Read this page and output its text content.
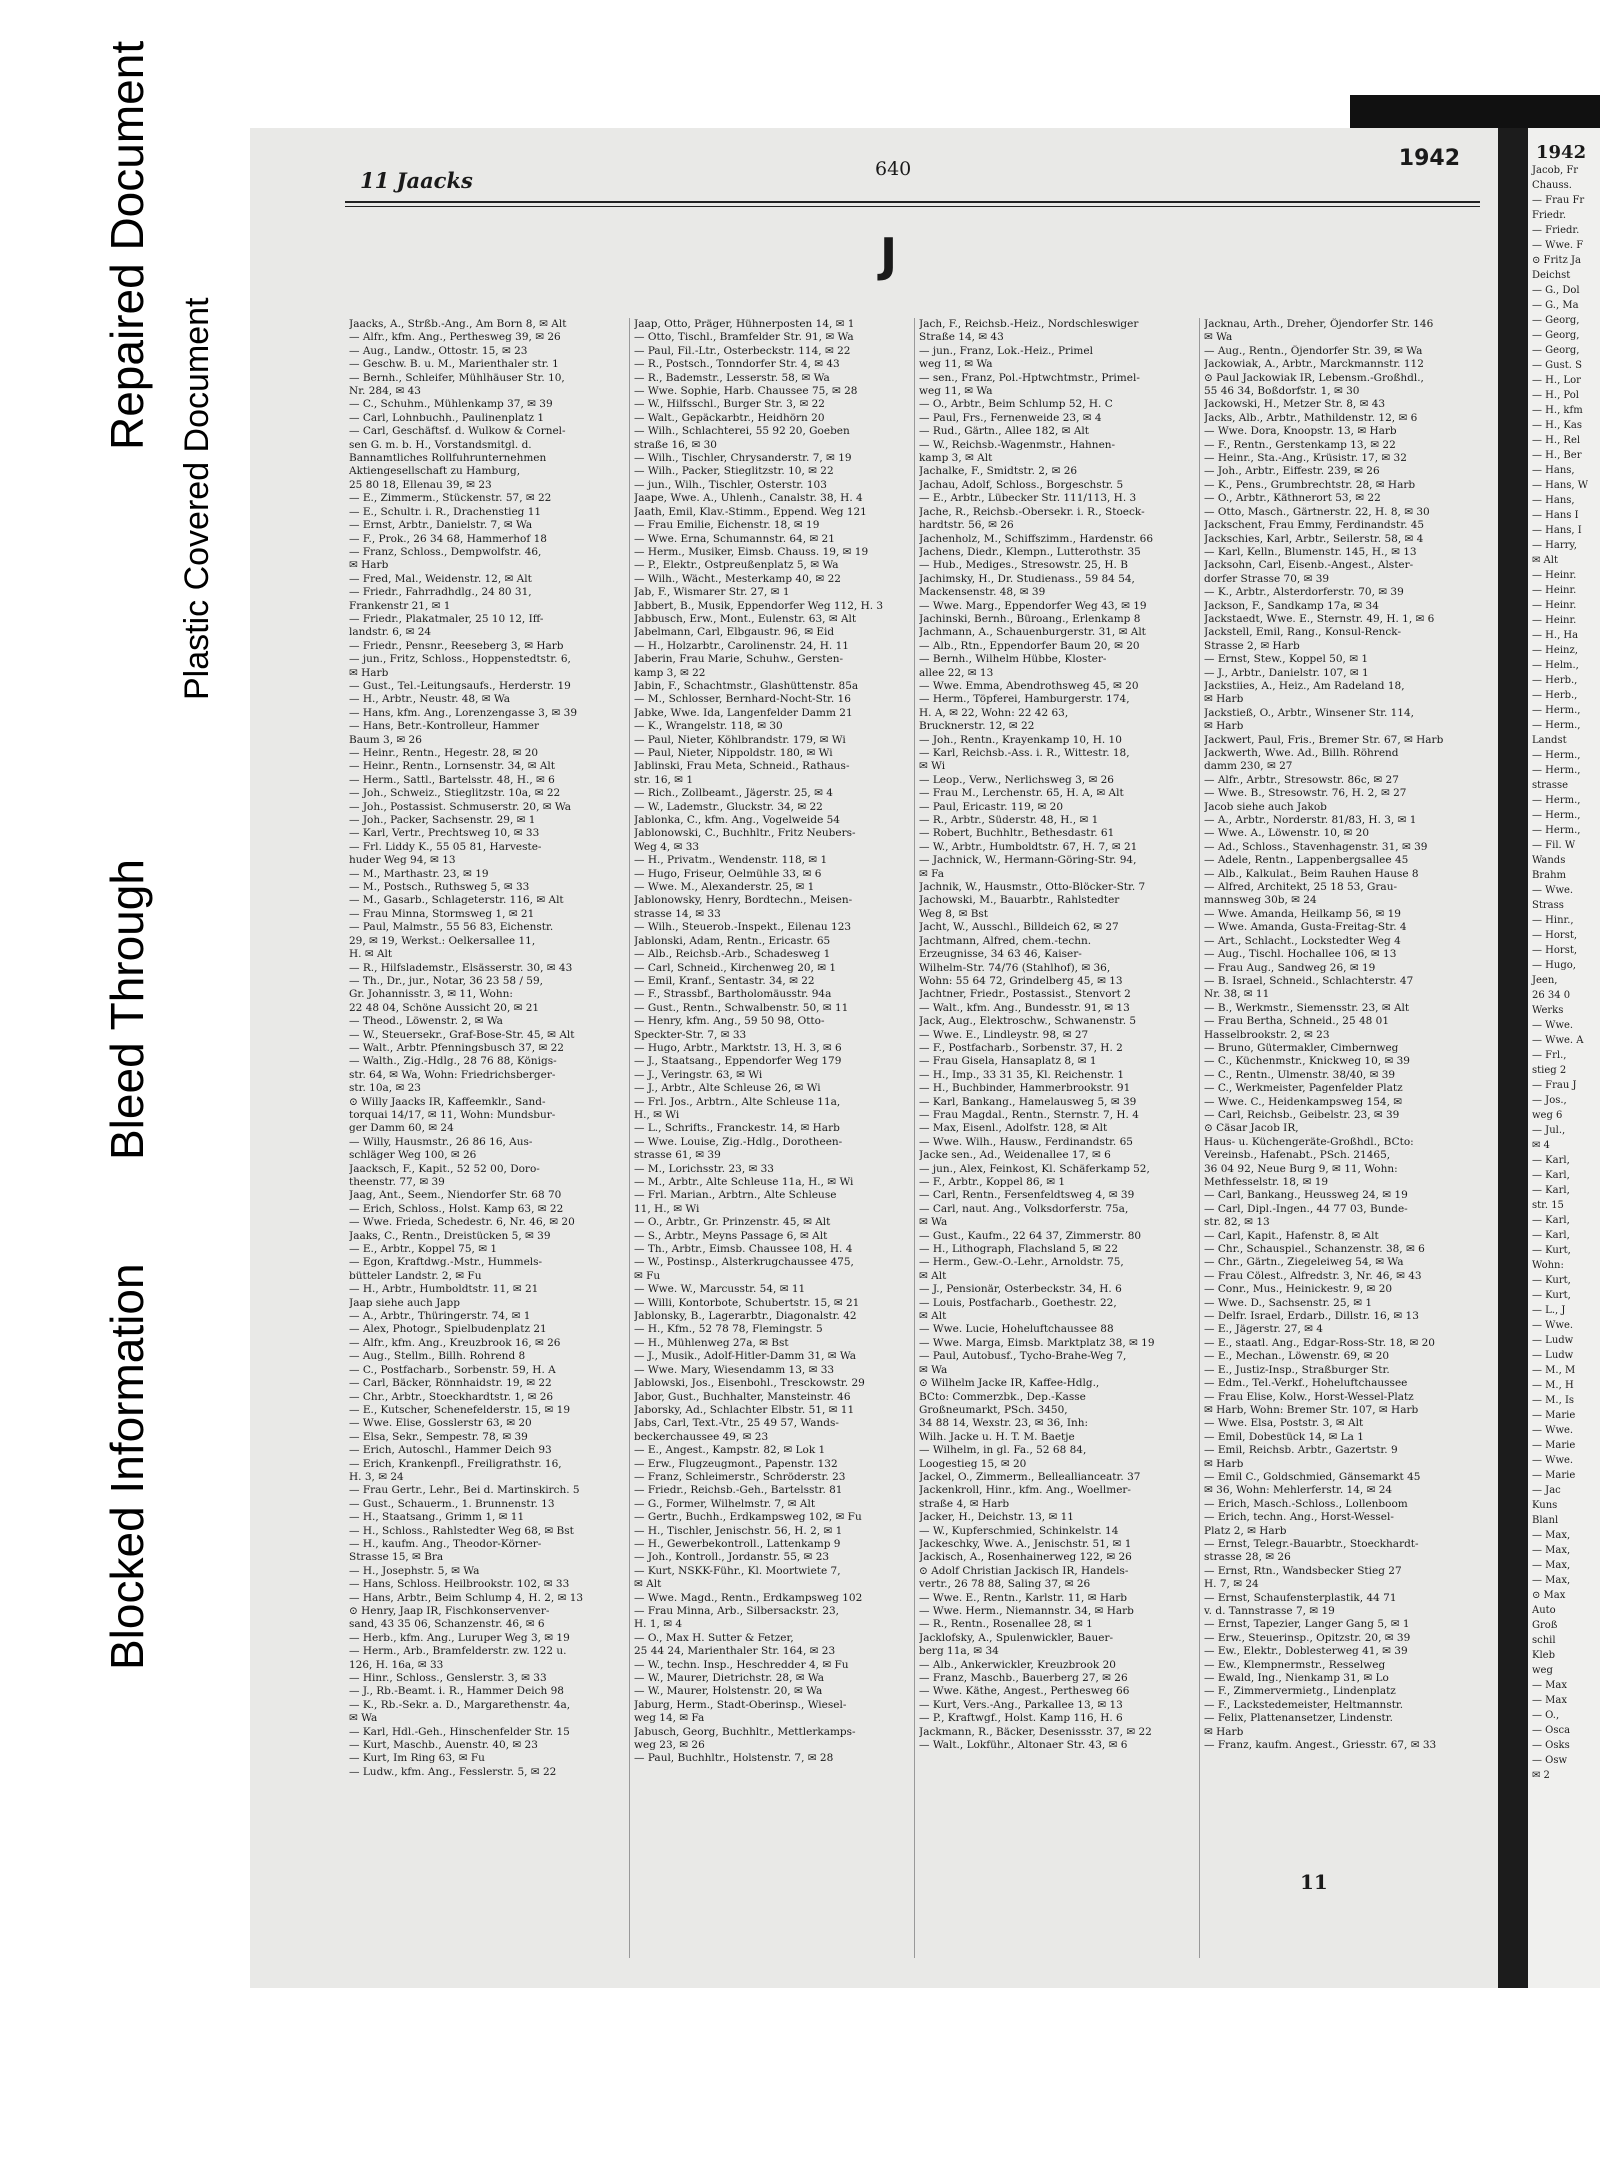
Blocked Information
Bleed Through
Repaired Document
Plastic Covered Document
11 Jaacks	640	1942
J
Jaacks, A., Strßb.-Ang., Am Born 8, ✉ Alt
— Alfr., kfm. Ang., Perthesweg 39, ✉ 26
— Aug., Landw., Ottostr. 15, ✉ 23
— Geschw. B. u. M., Marienthaler str. 1
— Bernh., Schleifer, Mühlhäuser Str. 10,
Nr. 284, ✉ 43
— C., Schuhm., Mühlenkamp 37, ✉ 39
— Carl, Lohnbuchh., Paulinenplatz 1
— Carl, Geschäftsf. d. Wulkow & Cornel-
sen G. m. b. H., Vorstandsmitgl. d.
Bannamtliches Rollfuhrunternehmen
Aktiengesellschaft zu Hamburg,
25 80 18, Ellenau 39, ✉ 23
— E., Zimmerm., Stückenstr. 57, ✉ 22
— E., Schultr. i. R., Drachenstieg 11
— Ernst, Arbtr., Danielstr. 7, ✉ Wa
— F., Prok., 26 34 68, Hammerhof 18
— Franz, Schloss., Dempwolfstr. 46,
✉ Harb
— Fred, Mal., Weidenstr. 12, ✉ Alt
— Friedr., Fahrradhdlg., 24 80 31,
Frankenstr 21, ✉ 1
— Friedr., Plakatmaler, 25 10 12, Iff-
landstr. 6, ✉ 24
— Friedr., Pensnr., Reeseberg 3, ✉ Harb
— jun., Fritz, Schloss., Hoppenstedtstr. 6,
✉ Harb
— Gust., Tel.-Leitungsaufs., Herderstr. 19
— H., Arbtr., Neustr. 48, ✉ Wa
— Hans, kfm. Ang., Lorenzengasse 3, ✉ 39
— Hans, Betr.-Kontrolleur, Hammer
Baum 3, ✉ 26
— Heinr., Rentn., Hegestr. 28, ✉ 20
— Heinr., Rentn., Lornsenstr. 34, ✉ Alt
— Herm., Sattl., Bartelsstr. 48, H., ✉ 6
— Joh., Schweiz., Stieglitzstr. 10a, ✉ 22
— Joh., Postassist. Schmuserstr. 20, ✉ Wa
— Joh., Packer, Sachsenstr. 29, ✉ 1
— Karl, Vertr., Prechtsweg 10, ✉ 33
— Frl. Liddy K., 55 05 81, Harveste-
huder Weg 94, ✉ 13
— M., Marthastr. 23, ✉ 19
— M., Postsch., Ruthsweg 5, ✉ 33
— M., Gasarb., Schlageterstr. 116, ✉ Alt
— Frau Minna, Stormsweg 1, ✉ 21
— Paul, Malmstr., 55 56 83, Eichenstr.
29, ✉ 19, Werkst.: Oelkersallee 11,
H. ✉ Alt
— R., Hilfslademstr., Elsässerstr. 30, ✉ 43
— Th., Dr., jur., Notar, 36 23 58 / 59,
Gr. Johannisstr. 3, ✉ 11, Wohn:
22 48 04, Schöne Aussicht 20, ✉ 21
— Theod., Löwenstr. 2, ✉ Wa
— W., Steuersekr., Graf-Bose-Str. 45, ✉ Alt
— Walt., Arbtr. Pfenningsbusch 37, ✉ 22
— Walth., Zig.-Hdlg., 28 76 88, Königs-
str. 64, ✉ Wa, Wohn: Friedrichsberger-
str. 10a, ✉ 23
⊙ Willy Jaacks IR, Kaffeemklr., Sand-
torquai 14/17, ✉ 11, Wohn: Mundsbur-
ger Damm 60, ✉ 24
— Willy, Hausmstr., 26 86 16, Aus-
schläger Weg 100, ✉ 26
Jaacksch, F., Kapit., 52 52 00, Doro-
theenstr. 77, ✉ 39
Jaag, Ant., Seem., Niendorfer Str. 68 70
— Erich, Schloss., Holst. Kamp 63, ✉ 22
— Wwe. Frieda, Schedestr. 6, Nr. 46, ✉ 20
Jaaks, C., Rentn., Dreistücken 5, ✉ 39
— E., Arbtr., Koppel 75, ✉ 1
— Egon, Kraftdwg.-Mstr., Hummels-
bütteler Landstr. 2, ✉ Fu
— H., Arbtr., Humboldtstr. 11, ✉ 21
Jaap siehe auch Japp
— A., Arbtr., Thüringerstr. 74, ✉ 1
— Alex, Photogr., Spielbudenplatz 21
— Alfr., kfm. Ang., Kreuzbrook 16, ✉ 26
— Aug., Stellm., Billh. Rohrend 8
— C., Postfacharb., Sorbenstr. 59, H. A
— Carl, Bäcker, Rönnhaidstr. 19, ✉ 22
— Chr., Arbtr., Stoeckhardtstr. 1, ✉ 26
— E., Kutscher, Schenefelderstr. 15, ✉ 19
— Wwe. Elise, Gosslerstr 63, ✉ 20
— Elsa, Sekr., Sempestr. 78, ✉ 39
— Erich, Autoschl., Hammer Deich 93
— Erich, Krankenpfl., Freiligrathstr. 16,
H. 3, ✉ 24
— Frau Gertr., Lehr., Bei d. Martinskirch. 5
— Gust., Schauerm., 1. Brunnenstr. 13
— H., Staatsang., Grimm 1, ✉ 11
— H., Schloss., Rahlstedter Weg 68, ✉ Bst
— H., kaufm. Ang., Theodor-Körner-
Strasse 15, ✉ Bra
— H., Josephstr. 5, ✉ Wa
— Hans, Schloss. Heilbrookstr. 102, ✉ 33
— Hans, Arbtr., Beim Schlump 4, H. 2, ✉ 13
⊙ Henry, Jaap IR, Fischkonservenver-
sand, 43 35 06, Schanzenstr. 46, ✉ 6
— Herb., kfm. Ang., Luruper Weg 3, ✉ 19
— Herm., Arb., Bramfelderstr. zw. 122 u.
126, H. 16a, ✉ 33
— Hinr., Schloss., Genslerstr. 3, ✉ 33
— J., Rb.-Beamt. i. R., Hammer Deich 98
— K., Rb.-Sekr. a. D., Margarethenstr. 4a,
✉ Wa
— Karl, Hdl.-Geh., Hinschenfelder Str. 15
— Kurt, Maschb., Auenstr. 40, ✉ 23
— Kurt, Im Ring 63, ✉ Fu
— Ludw., kfm. Ang., Fesslerstr. 5, ✉ 22
Jaap, Otto, Präger, Hühnerposten 14, ✉ 1
— Otto, Tischl., Bramfelder Str. 91, ✉ Wa
— Paul, Fil.-Ltr., Osterbeckstr. 114, ✉ 22
— R., Postsch., Tonndorfer Str. 4, ✉ 43
— R., Bademstr., Lesserstr. 58, ✉ Wa
— Wwe. Sophie, Harb. Chaussee 75, ✉ 28
— W., Hilfsschl., Burger Str. 3, ✉ 22
— Walt., Gepäckarbtr., Heidhörn 20
— Wilh., Schlachterei, 55 92 20, Goeben
straße 16, ✉ 30
— Wilh., Tischler, Chrysanderstr. 7, ✉ 19
— Wilh., Packer, Stieglitzstr. 10, ✉ 22
— jun., Wilh., Tischler, Osterstr. 103
Jaape, Wwe. A., Uhlenh., Canalstr. 38, H. 4
Jaath, Emil, Klav.-Stimm., Eppend. Weg 121
— Frau Emilie, Eichenstr. 18, ✉ 19
— Wwe. Erna, Schumannstr. 64, ✉ 21
— Herm., Musiker, Eimsb. Chauss. 19, ✉ 19
— P., Elektr., Ostpreußenplatz 5, ✉ Wa
— Wilh., Wächt., Mesterkamp 40, ✉ 22
Jab, F., Wismarer Str. 27, ✉ 1
Jabbert, B., Musik, Eppendorfer Weg 112, H. 3
Jabbusch, Erw., Mont., Eulenstr. 63, ✉ Alt
Jabelmann, Carl, Elbgaustr. 96, ✉ Eid
— H., Holzarbtr., Carolinenstr. 24, H. 11
Jaberin, Frau Marie, Schuhw., Gersten-
kamp 3, ✉ 22
Jabin, F., Schachtmstr., Glashüttenstr. 85a
— M., Schlosser, Bernhard-Nocht-Str. 16
Jabke, Wwe. Ida, Langenfelder Damm 21
— K., Wrangelstr. 118, ✉ 30
— Paul, Nieter, Köhlbrandstr. 179, ✉ Wi
— Paul, Nieter, Nippoldstr. 180, ✉ Wi
Jablinski, Frau Meta, Schneid., Rathaus-
str. 16, ✉ 1
— Rich., Zollbeamt., Jägerstr. 25, ✉ 4
— W., Lademstr., Gluckstr. 34, ✉ 22
Jablonka, C., kfm. Ang., Vogelweide 54
Jablonowski, C., Buchhltr., Fritz Neubers-
Weg 4, ✉ 33
— H., Privatm., Wendenstr. 118, ✉ 1
— Hugo, Friseur, Oelmühle 33, ✉ 6
— Wwe. M., Alexanderstr. 25, ✉ 1
Jablonowsky, Henry, Bordtechn., Meisen-
strasse 14, ✉ 33
— Wilh., Steuerob.-Inspekt., Eilenau 123
Jablonski, Adam, Rentn., Ericastr. 65
— Alb., Reichsb.-Arb., Schadesweg 1
— Carl, Schneid., Kirchenweg 20, ✉ 1
— Emil, Kranf., Sentastr. 34, ✉ 22
— F., Strassbf., Bartholomäusstr. 94a
— Gust., Rentn., Schwalbenstr. 50, ✉ 11
— Henry, kfm. Ang., 59 50 98, Otto-
Speckter-Str. 7, ✉ 33
— Hugo, Arbtr., Marktstr. 13, H. 3, ✉ 6
— J., Staatsang., Eppendorfer Weg 179
— J., Veringstr. 63, ✉ Wi
— J., Arbtr., Alte Schleuse 26, ✉ Wi
— Frl. Jos., Arbtrn., Alte Schleuse 11a,
H., ✉ Wi
— L., Schrifts., Franckestr. 14, ✉ Harb
— Wwe. Louise, Zig.-Hdlg., Dorotheen-
strasse 61, ✉ 39
— M., Lorichsstr. 23, ✉ 33
— M., Arbtr., Alte Schleuse 11a, H., ✉ Wi
— Frl. Marian., Arbtrn., Alte Schleuse
11, H., ✉ Wi
— O., Arbtr., Gr. Prinzenstr. 45, ✉ Alt
— S., Arbtr., Meyns Passage 6, ✉ Alt
— Th., Arbtr., Eimsb. Chaussee 108, H. 4
— W., Postinsp., Alsterkrugchaussee 475,
✉ Fu
— Wwe. W., Marcusstr. 54, ✉ 11
— Willi, Kontorbote, Schubertstr. 15, ✉ 21
Jablonsky, B., Lagerarbtr., Diagonalstr. 42
— H., Kfm., 52 78 78, Flemingstr. 5
— H., Mühlenweg 27a, ✉ Bst
— J., Musik., Adolf-Hitler-Damm 31, ✉ Wa
— Wwe. Mary, Wiesendamm 13, ✉ 33
Jablowski, Jos., Eisenbohl., Tresckowstr. 29
Jabor, Gust., Buchhalter, Mansteinstr. 46
Jaborsky, Ad., Schlachter Elbstr. 51, ✉ 11
Jabs, Carl, Text.-Vtr., 25 49 57, Wands-
beckerchaussee 49, ✉ 23
— E., Angest., Kampstr. 82, ✉ Lok 1
— Erw., Flugzeugmont., Papenstr. 132
— Franz, Schleimerstr., Schröderstr. 23
— Friedr., Reichsb.-Geh., Bartelsstr. 81
— G., Former, Wilhelmstr. 7, ✉ Alt
— Gertr., Buchh., Erdkampsweg 102, ✉ Fu
— H., Tischler, Jenischstr. 56, H. 2, ✉ 1
— H., Gewerbekontroll., Lattenkamp 9
— Joh., Kontroll., Jordanstr. 55, ✉ 23
— Kurt, NSKK-Führ., Kl. Moortwiete 7,
✉ Alt
— Wwe. Magd., Rentn., Erdkampsweg 102
— Frau Minna, Arb., Silbersackstr. 23,
H. 1, ✉ 4
— O., Max H. Sutter & Fetzer,
25 44 24, Marienthaler Str. 164, ✉ 23
— W., techn. Insp., Heschredder 4, ✉ Fu
— W., Maurer, Dietrichstr. 28, ✉ Wa
— W., Maurer, Holstenstr. 20, ✉ Wa
Jaburg, Herm., Stadt-Oberinsp., Wiesel-
weg 14, ✉ Fa
Jabusch, Georg, Buchhltr., Mettlerkamps-
weg 23, ✉ 26
— Paul, Buchhltr., Holstenstr. 7, ✉ 28
Jach, F., Reichsb.-Heiz., Nordschleswiger
Straße 14, ✉ 43
— jun., Franz, Lok.-Heiz., Primel
weg 11, ✉ Wa
— sen., Franz, Pol.-Hptwchtmstr., Primel-
weg 11, ✉ Wa
— O., Arbtr., Beim Schlump 52, H. C
— Paul, Frs., Fernenweide 23, ✉ 4
— Rud., Gärtn., Allee 182, ✉ Alt
— W., Reichsb.-Wagenmstr., Hahnen-
kamp 3, ✉ Alt
Jachalke, F., Smidtstr. 2, ✉ 26
Jachau, Adolf, Schloss., Borgeschstr. 5
— E., Arbtr., Lübecker Str. 111/113, H. 3
Jache, R., Reichsb.-Obersekr. i. R., Stoeck-
hardtstr. 56, ✉ 26
Jachenholz, M., Schiffszimm., Hardenstr. 66
Jachens, Diedr., Klempn., Lutterothstr. 35
— Hub., Mediges., Stresowstr. 25, H. B
Jachimsky, H., Dr. Studienass., 59 84 54,
Mackensenstr. 48, ✉ 39
— Wwe. Marg., Eppendorfer Weg 43, ✉ 19
Jachinski, Bernh., Büroang., Erlenkamp 8
Jachmann, A., Schauenburgerstr. 31, ✉ Alt
— Alb., Rtn., Eppendorfer Baum 20, ✉ 20
— Bernh., Wilhelm Hübbe, Kloster-
allee 22, ✉ 13
— Wwe. Emma, Abendrothsweg 45, ✉ 20
— Herm., Töpferei, Hamburgerstr. 174,
H. A, ✉ 22, Wohn: 22 42 63,
Brucknerstr. 12, ✉ 22
— Joh., Rentn., Krayenkamp 10, H. 10
— Karl, Reichsb.-Ass. i. R., Wittestr. 18,
✉ Wi
— Leop., Verw., Nerlichsweg 3, ✉ 26
— Frau M., Lerchenstr. 65, H. A, ✉ Alt
— Paul, Ericastr. 119, ✉ 20
— R., Arbtr., Süderstr. 48, H., ✉ 1
— Robert, Buchhltr., Bethesdastr. 61
— W., Arbtr., Humboldtstr. 67, H. 7, ✉ 21
— Jachnick, W., Hermann-Göring-Str. 94,
✉ Fa
Jachnik, W., Hausmstr., Otto-Blöcker-Str. 7
Jachowski, M., Bauarbtr., Rahlstedter
Weg 8, ✉ Bst
Jacht, W., Ausschl., Billdeich 62, ✉ 27
Jachtmann, Alfred, chem.-techn.
Erzeugnisse, 34 63 46, Kaiser-
Wilhelm-Str. 74/76 (Stahlhof), ✉ 36,
Wohn: 55 64 72, Grindelberg 45, ✉ 13
Jachtner, Friedr., Postassist., Stenvort 2
— Walt., kfm. Ang., Bundesstr. 91, ✉ 13
Jack, Aug., Elektroschw., Schwanenstr. 5
— Wwe. E., Lindleystr. 98, ✉ 27
— F., Postfacharb., Sorbenstr. 37, H. 2
— Frau Gisela, Hansaplatz 8, ✉ 1
— H., Imp., 33 31 35, Kl. Reichenstr. 1
— H., Buchbinder, Hammerbrookstr. 91
— Karl, Bankang., Hamelausweg 5, ✉ 39
— Frau Magdal., Rentn., Sternstr. 7, H. 4
— Max, Eisenl., Adolfstr. 128, ✉ Alt
— Wwe. Wilh., Hausw., Ferdinandstr. 65
Jacke sen., Ad., Weidenallee 17, ✉ 6
— jun., Alex, Feinkost, Kl. Schäferkamp 52,
— F., Arbtr., Koppel 86, ✉ 1
— Carl, Rentn., Fersenfeldtsweg 4, ✉ 39
— Carl, naut. Ang., Volksdorferstr. 75a,
✉ Wa
— Gust., Kaufm., 22 64 37, Zimmerstr. 80
— H., Lithograph, Flachsland 5, ✉ 22
— Herm., Gew.-O.-Lehr., Arnoldstr. 75,
✉ Alt
— J., Pensionär, Osterbeckstr. 34, H. 6
— Louis, Postfacharb., Goethestr. 22,
✉ Alt
— Wwe. Lucie, Hoheluftchaussee 88
— Wwe. Marga, Eimsb. Marktplatz 38, ✉ 19
— Paul, Autobusf., Tycho-Brahe-Weg 7,
✉ Wa
⊙ Wilhelm Jacke IR, Kaffee-Hdlg.,
BCto: Commerzbk., Dep.-Kasse
Großneumarkt, PSch. 3450,
34 88 14, Wexstr. 23, ✉ 36, Inh:
Wilh. Jacke u. H. T. M. Baetje
— Wilhelm, in gl. Fa., 52 68 84,
Loogestieg 15, ✉ 20
Jackel, O., Zimmerm., Belleallianceatr. 37
Jackenkroll, Hinr., kfm. Ang., Woellmer-
straße 4, ✉ Harb
Jacker, H., Deichstr. 13, ✉ 11
— W., Kupferschmied, Schinkelstr. 14
Jackeschky, Wwe. A., Jenischstr. 51, ✉ 1
Jackisch, A., Rosenhainerweg 122, ✉ 26
⊙ Adolf Christian Jackisch IR, Handels-
vertr., 26 78 88, Saling 37, ✉ 26
— Wwe. E., Rentn., Karlstr. 11, ✉ Harb
— Wwe. Herm., Niemannstr. 34, ✉ Harb
— R., Rentn., Rosenallee 28, ✉ 1
Jacklofsky, A., Spulenwickler, Bauer-
berg 11a, ✉ 34
— Alb., Ankerwickler, Kreuzbrook 20
— Franz, Maschb., Bauerberg 27, ✉ 26
— Wwe. Käthe, Angest., Perthesweg 66
— Kurt, Vers.-Ang., Parkallee 13, ✉ 13
— P., Kraftwgf., Holst. Kamp 116, H. 6
Jackmann, R., Bäcker, Desenissstr. 37, ✉ 22
— Walt., Lokführ., Altonaer Str. 43, ✉ 6
Jacknau, Arth., Dreher, Öjendorfer Str. 146
✉ Wa
— Aug., Rentn., Öjendorfer Str. 39, ✉ Wa
Jackowiak, A., Arbtr., Marckmannstr. 112
⊙ Paul Jackowiak IR, Lebensm.-Großhdl.,
55 46 34, Boßdorfstr. 1, ✉ 30
Jackowski, H., Metzer Str. 8, ✉ 43
Jacks, Alb., Arbtr., Mathildenstr. 12, ✉ 6
— Wwe. Dora, Knoopstr. 13, ✉ Harb
— F., Rentn., Gerstenkamp 13, ✉ 22
— Heinr., Sta.-Ang., Krüsistr. 17, ✉ 32
— Joh., Arbtr., Eiffestr. 239, ✉ 26
— K., Pens., Grumbrechtstr. 28, ✉ Harb
— O., Arbtr., Käthnerort 53, ✉ 22
— Otto, Masch., Gärtnerstr. 22, H. 8, ✉ 30
Jackschent, Frau Emmy, Ferdinandstr. 45
Jackschies, Karl, Arbtr., Seilerstr. 58, ✉ 4
— Karl, Kelln., Blumenstr. 145, H., ✉ 13
Jacksohn, Carl, Eisenb.-Angest., Alster-
dorfer Strasse 70, ✉ 39
— K., Arbtr., Alsterdorferstr. 70, ✉ 39
Jackson, F., Sandkamp 17a, ✉ 34
Jackstaedt, Wwe. E., Sternstr. 49, H. 1, ✉ 6
Jackstell, Emil, Rang., Konsul-Renck-
Strasse 2, ✉ Harb
— Ernst, Stew., Koppel 50, ✉ 1
— J., Arbtr., Danielstr. 107, ✉ 1
Jackstiies, A., Heiz., Am Radeland 18,
✉ Harb
Jackstieß, O., Arbtr., Winsener Str. 114,
✉ Harb
Jackwert, Paul, Fris., Bremer Str. 67, ✉ Harb
Jackwerth, Wwe. Ad., Billh. Röhrend
damm 230, ✉ 27
— Alfr., Arbtr., Stresowstr. 86c, ✉ 27
— Wwe. B., Stresowstr. 76, H. 2, ✉ 27
Jacob siehe auch Jakob
— A., Arbtr., Norderstr. 81/83, H. 3, ✉ 1
— Wwe. A., Löwenstr. 10, ✉ 20
— Ad., Schloss., Stavenhagenstr. 31, ✉ 39
— Adele, Rentn., Lappenbergsallee 45
— Alb., Kalkulat., Beim Rauhen Hause 8
— Alfred, Architekt, 25 18 53, Grau-
mannsweg 30b, ✉ 24
— Wwe. Amanda, Heilkamp 56, ✉ 19
— Wwe. Amanda, Gusta-Freitag-Str. 4
— Art., Schlacht., Lockstedter Weg 4
— Aug., Tischl. Hochallee 106, ✉ 13
— Frau Aug., Sandweg 26, ✉ 19
— B. Israel, Schneid., Schlachterstr. 47
Nr. 38, ✉ 11
— B., Werkmstr., Siemensstr. 23, ✉ Alt
— Frau Bertha, Schneid., 25 48 01
Hasselbrookstr. 2, ✉ 23
— Bruno, Gütermakler, Cimbernweg
— C., Küchenmstr., Knickweg 10, ✉ 39
— C., Rentn., Ulmenstr. 38/40, ✉ 39
— C., Werkmeister, Pagenfelder Platz
— Wwe. C., Heidenkampsweg 154, ✉
— Carl, Reichsb., Geibelstr. 23, ✉ 39
⊙ Cäsar Jacob IR,
Haus- u. Küchengeräte-Großhdl., BCto:
Vereinsb., Hafenabt., PSch. 21465,
36 04 92, Neue Burg 9, ✉ 11, Wohn:
Methfesselstr. 18, ✉ 19
— Carl, Bankang., Heussweg 24, ✉ 19
— Carl, Dipl.-Ingen., 44 77 03, Bunde-
str. 82, ✉ 13
— Carl, Kapit., Hafenstr. 8, ✉ Alt
— Chr., Schauspiel., Schanzenstr. 38, ✉ 6
— Chr., Gärtn., Ziegeleiweg 54, ✉ Wa
— Frau Cölest., Alfredstr. 3, Nr. 46, ✉ 43
— Conr., Mus., Heinickestr. 9, ✉ 20
— Wwe. D., Sachsenstr. 25, ✉ 1
— Delfr. Israel, Erdarb., Dillstr. 16, ✉ 13
— E., Jägerstr. 27, ✉ 4
— E., staatl. Ang., Edgar-Ross-Str. 18, ✉ 20
— E., Mechan., Löwenstr. 69, ✉ 20
— E., Justiz-Insp., Straßburger Str.
— Edm., Tel.-Verkf., Hoheluftchaussee
— Frau Elise, Kolw., Horst-Wessel-Platz
✉ Harb, Wohn: Bremer Str. 107, ✉ Harb
— Wwe. Elsa, Poststr. 3, ✉ Alt
— Emil, Dobestück 14, ✉ La 1
— Emil, Reichsb. Arbtr., Gazertstr. 9
✉ Harb
— Emil C., Goldschmied, Gänsemarkt 45
✉ 36, Wohn: Mehlerferstr. 14, ✉ 24
— Erich, Masch.-Schloss., Lollenboom
— Erich, techn. Ang., Horst-Wessel-
Platz 2, ✉ Harb
— Ernst, Telegr.-Bauarbtr., Stoeckhardt-
strasse 28, ✉ 26
— Ernst, Rtn., Wandsbecker Stieg 27
H. 7, ✉ 24
— Ernst, Schaufensterplastik, 44 71
v. d. Tannstrasse 7, ✉ 19
— Ernst, Tapezier, Langer Gang 5, ✉ 1
— Erw., Steuerinsp., Opitzstr. 20, ✉ 39
— Ew., Elektr., Doblesterweg 41, ✉ 39
— Ew., Klempnermstr., Resselweg
— Ewald, Ing., Nienkamp 31, ✉ Lo
— F., Zimmervermietg., Lindenplatz
— F., Lackstedemeister, Heltmannstr.
— Felix, Plattenansetzer, Lindenstr.
✉ Harb
— Franz, kaufm. Angest., Griesstr. 67, ✉ 33
1942
Jacob, Fr
Chauss.
— Frau Fr
Friedr.
— Friedr.
— Wwe. F
⊙ Fritz Ja
Deichst
— G., Dol
— G., Ma
— Georg,
— Georg,
— Georg,
— Gust. S
— H., Lor
— H., Pol
— H., kfm
— H., Kas
— H., Rel
— H., Ber
— Hans,
— Hans, W
— Hans,
— Hans I
— Hans, I
— Harry,
✉ Alt
— Heinr.
— Heinr.
— Heinr.
— Heinr.
— H., Ha
— Heinz,
— Helm.,
— Herb.,
— Herb.,
— Herm.,
— Herm.,
Landst
— Herm.,
— Herm.,
strasse
— Herm.,
— Herm.,
— Herm.,
— Fil. W
Wands
Brahm
— Wwe.
Strass
— Hinr.,
— Horst,
— Horst,
— Hugo,
Jeen,
26 34 0
Werks
— Wwe.
— Wwe. A
— Frl.,
stieg 2
— Frau J
— Jos.,
weg 6
— Jul.,
✉ 4
— Karl,
— Karl,
— Karl,
str. 15
— Karl,
— Karl,
— Kurt,
Wohn:
— Kurt,
— Kurt,
— L., J
— Wwe.
— Ludw
— Ludw
— M., M
— M., H
— M., Is
— Marie
— Wwe.
— Marie
— Wwe.
— Marie
— Jac
Kuns
Blanl
— Max,
— Max,
— Max,
— Max,
⊙ Max
Auto
Groß
schil
Kleb
weg
— Max
— Max
— O.,
— Osca
— Osks
— Osw
✉ 2
11
